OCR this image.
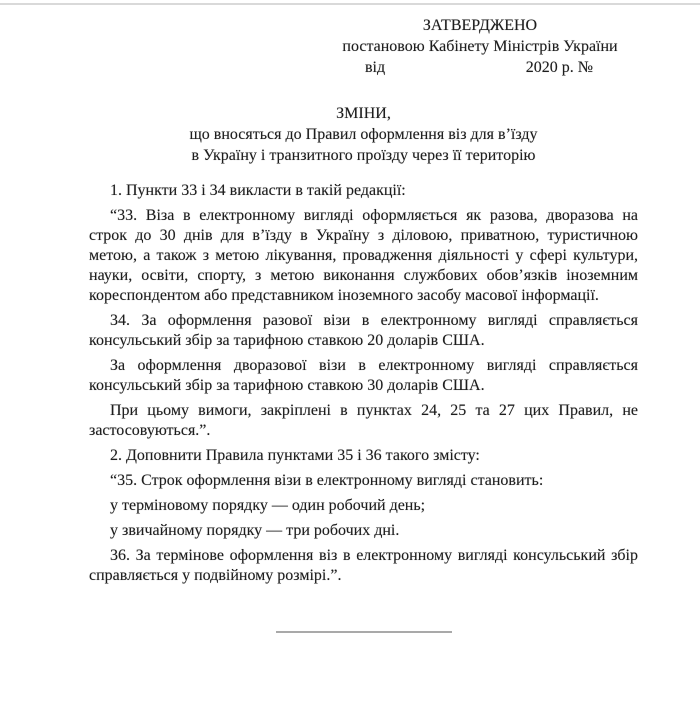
ЗАТВЕРДЖЕНО
постановою Кабінету Міністрів України
від	2020 р. №
ЗМІНИ,
що вносяться до Правил оформлення віз для в’їзду
в Україну і транзитного проїзду через її територію

1. Пункти 33 і 34 викласти в такій редакції:

“33. Віза в електронному вигляді оформляється як разова, дворазова на строк до 30 днів для в’їзду в Україну з діловою, приватною, туристичною метою, а також з метою лікування, провадження діяльності у сфері культури, науки, освіти, спорту, з метою виконання службових обов’язків іноземним кореспондентом або представником іноземного засобу масової інформації.

34. За оформлення разової візи в електронному вигляді справляється консульський збір за тарифною ставкою 20 доларів США.

За оформлення дворазової візи в електронному вигляді справляється консульський збір за тарифною ставкою 30 доларів США.

При цьому вимоги, закріплені в пунктах 24, 25 та 27 цих Правил, не застосовуються.”.

2. Доповнити Правила пунктами 35 і 36 такого змісту:

“35. Строк оформлення візи в електронному вигляді становить:

у терміновому порядку — один робочий день;

у звичайному порядку — три робочих дні.

36. За термінове оформлення віз в електронному вигляді консульський збір справляється у подвійному розмірі.”.
